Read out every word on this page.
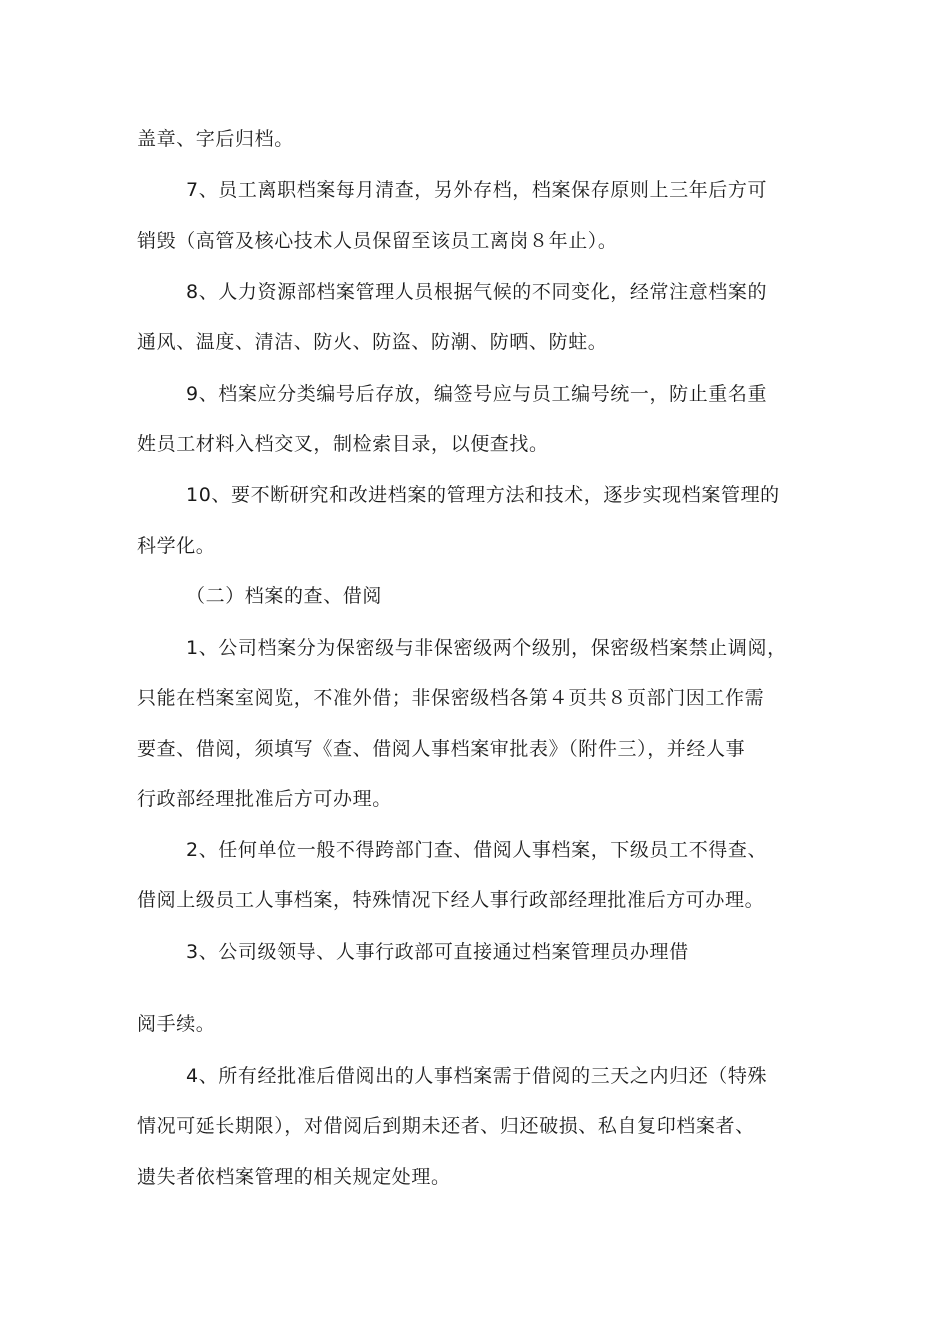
盖章、字后归档。
7、员工离职档案每月清查，另外存档，档案保存原则上三年后方可
销毁（高管及核心技术人员保留至该员工离岗８年止）。
8、人力资源部档案管理人员根据气候的不同变化，经常注意档案的
通风、温度、清洁、防火、防盗、防潮、防晒、防蛀。
9、档案应分类编号后存放，编签号应与员工编号统一，防止重名重
姓员工材料入档交叉，制检索目录，以便查找。
10、要不断研究和改进档案的管理方法和技术，逐步实现档案管理的
科学化。
（二）档案的查、借阅
1、公司档案分为保密级与非保密级两个级别，保密级档案禁止调阅，
只能在档案室阅览，不准外借；非保密级档各第４页共８页部门因工作需
要查、借阅，须填写《查、借阅人事档案审批表》（附件三），并经人事
行政部经理批准后方可办理。
2、任何单位一般不得跨部门查、借阅人事档案，下级员工不得查、
借阅上级员工人事档案，特殊情况下经人事行政部经理批准后方可办理。
3、公司级领导、人事行政部可直接通过档案管理员办理借
阅手续。
4、所有经批准后借阅出的人事档案需于借阅的三天之内归还（特殊
情况可延长期限），对借阅后到期未还者、归还破损、私自复印档案者、
遗失者依档案管理的相关规定处理。
